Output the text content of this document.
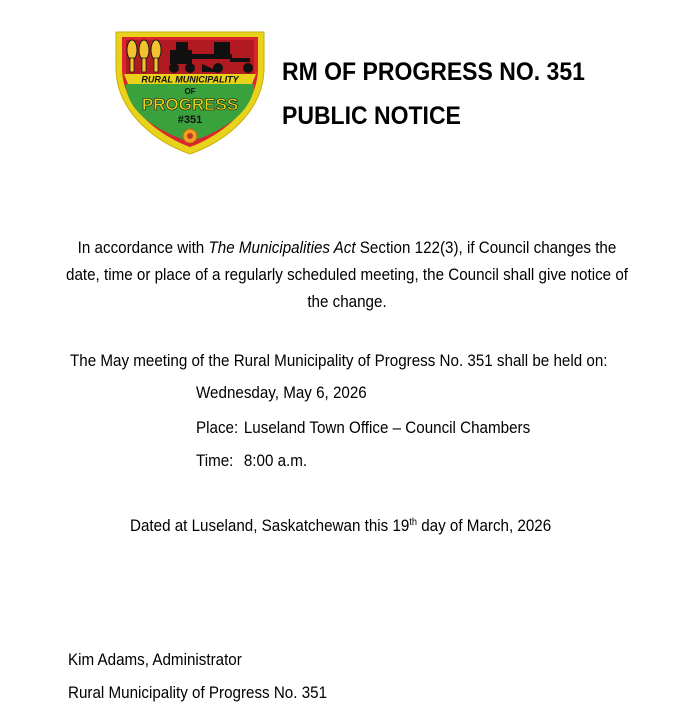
RURAL MUNICIPALITY
OF
PROGRESS
#351
RM OF PROGRESS NO. 351
PUBLIC NOTICE
In accordance with The Municipalities Act Section 122(3), if Council changes the date, time or place of a regularly scheduled meeting, the Council shall give notice of the change.
The May meeting of the Rural Municipality of Progress No. 351 shall be held on:
Wednesday, May 6, 2026
Place: Luseland Town Office – Council Chambers
Time: 8:00 a.m.
Dated at Luseland, Saskatchewan this 19th day of March, 2026
Kim Adams, Administrator
Rural Municipality of Progress No. 351
